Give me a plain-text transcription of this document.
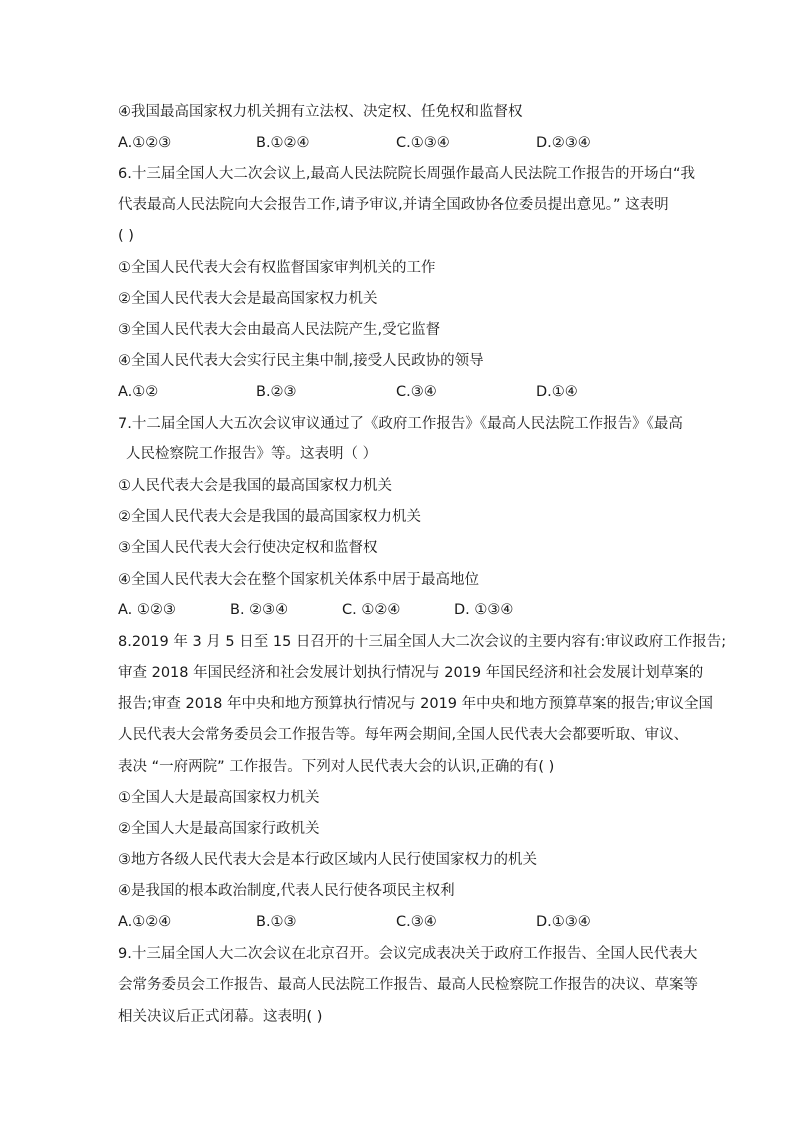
④我国最高国家权力机关拥有立法权、决定权、任免权和监督权
A.①②③	B.①②④	C.①③④	D.②③④
6.十三届全国人大二次会议上,最高人民法院院长周强作最高人民法院工作报告的开场白“我
代表最高人民法院向大会报告工作,请予审议,并请全国政协各位委员提出意见。” 这表明
( )
①全国人民代表大会有权监督国家审判机关的工作
②全国人民代表大会是最高国家权力机关
③全国人民代表大会由最高人民法院产生,受它监督
④全国人民代表大会实行民主集中制,接受人民政协的领导
A.①②	B.②③	C.③④	D.①④
7.十二届全国人大五次会议审议通过了《政府工作报告》《最高人民法院工作报告》《最高
人民检察院工作报告》等。这表明（ ）
①人民代表大会是我国的最高国家权力机关
②全国人民代表大会是我国的最高国家权力机关
③全国人民代表大会行使决定权和监督权
④全国人民代表大会在整个国家机关体系中居于最高地位
A. ①②③	B. ②③④	C. ①②④	D. ①③④
8.2019 年 3 月 5 日至 15 日召开的十三届全国人大二次会议的主要内容有:审议政府工作报告;
审查 2018 年国民经济和社会发展计划执行情况与 2019 年国民经济和社会发展计划草案的
报告;审查 2018 年中央和地方预算执行情况与 2019 年中央和地方预算草案的报告;审议全国
人民代表大会常务委员会工作报告等。每年两会期间,全国人民代表大会都要听取、审议、
表决 “一府两院” 工作报告。下列对人民代表大会的认识,正确的有( )
①全国人大是最高国家权力机关
②全国人大是最高国家行政机关
③地方各级人民代表大会是本行政区域内人民行使国家权力的机关
④是我国的根本政治制度,代表人民行使各项民主权利
A.①②④	B.①③	C.③④	D.①③④
9.十三届全国人大二次会议在北京召开。会议完成表决关于政府工作报告、全国人民代表大
会常务委员会工作报告、最高人民法院工作报告、最高人民检察院工作报告的决议、草案等
相关决议后正式闭幕。这表明( )
